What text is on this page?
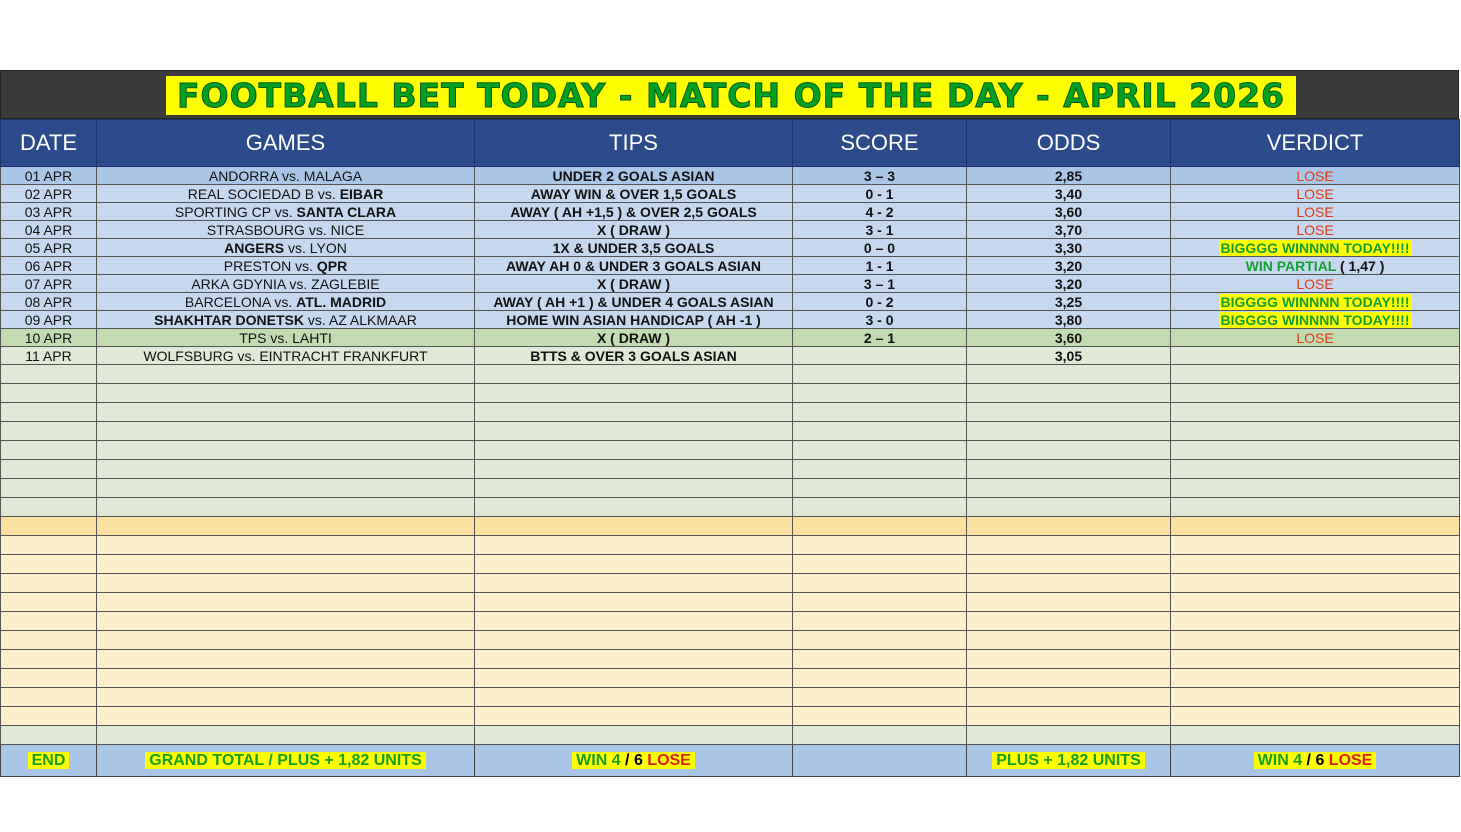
FOOTBALL BET TODAY - MATCH OF THE DAY - APRIL 2026
DATE	GAMES	TIPS	SCORE	ODDS	VERDICT
01 APR	ANDORRA vs. MALAGA	UNDER 2 GOALS ASIAN	3 – 3	2,85	LOSE
02 APR	REAL SOCIEDAD B vs. EIBAR	AWAY WIN & OVER 1,5 GOALS	0 - 1	3,40	LOSE
03 APR	SPORTING CP vs. SANTA CLARA	AWAY ( AH +1,5 ) & OVER 2,5 GOALS	4 - 2	3,60	LOSE
04 APR	STRASBOURG vs. NICE	X ( DRAW )	3 - 1	3,70	LOSE
05 APR	ANGERS vs. LYON	1X & UNDER 3,5 GOALS	0 – 0	3,30	BIGGGG WINNNN TODAY!!!!
06 APR	PRESTON vs. QPR	AWAY AH 0 & UNDER 3 GOALS ASIAN	1 - 1	3,20	WIN PARTIAL ( 1,47 )
07 APR	ARKA GDYNIA vs. ZAGLEBIE	X ( DRAW )	3 – 1	3,20	LOSE
08 APR	BARCELONA vs. ATL. MADRID	AWAY ( AH +1 ) & UNDER 4 GOALS ASIAN	0 - 2	3,25	BIGGGG WINNNN TODAY!!!!
09 APR	SHAKHTAR DONETSK vs. AZ ALKMAAR	HOME WIN ASIAN HANDICAP ( AH -1 )	3 - 0	3,80	BIGGGG WINNNN TODAY!!!!
10 APR	TPS vs. LAHTI	X ( DRAW )	2 – 1	3,60	LOSE
11 APR	WOLFSBURG vs. EINTRACHT FRANKFURT	BTTS & OVER 3 GOALS ASIAN		3,05	

END	GRAND TOTAL / PLUS + 1,82 UNITS	WIN 4 / 6 LOSE		PLUS + 1,82 UNITS	WIN 4 / 6 LOSE
